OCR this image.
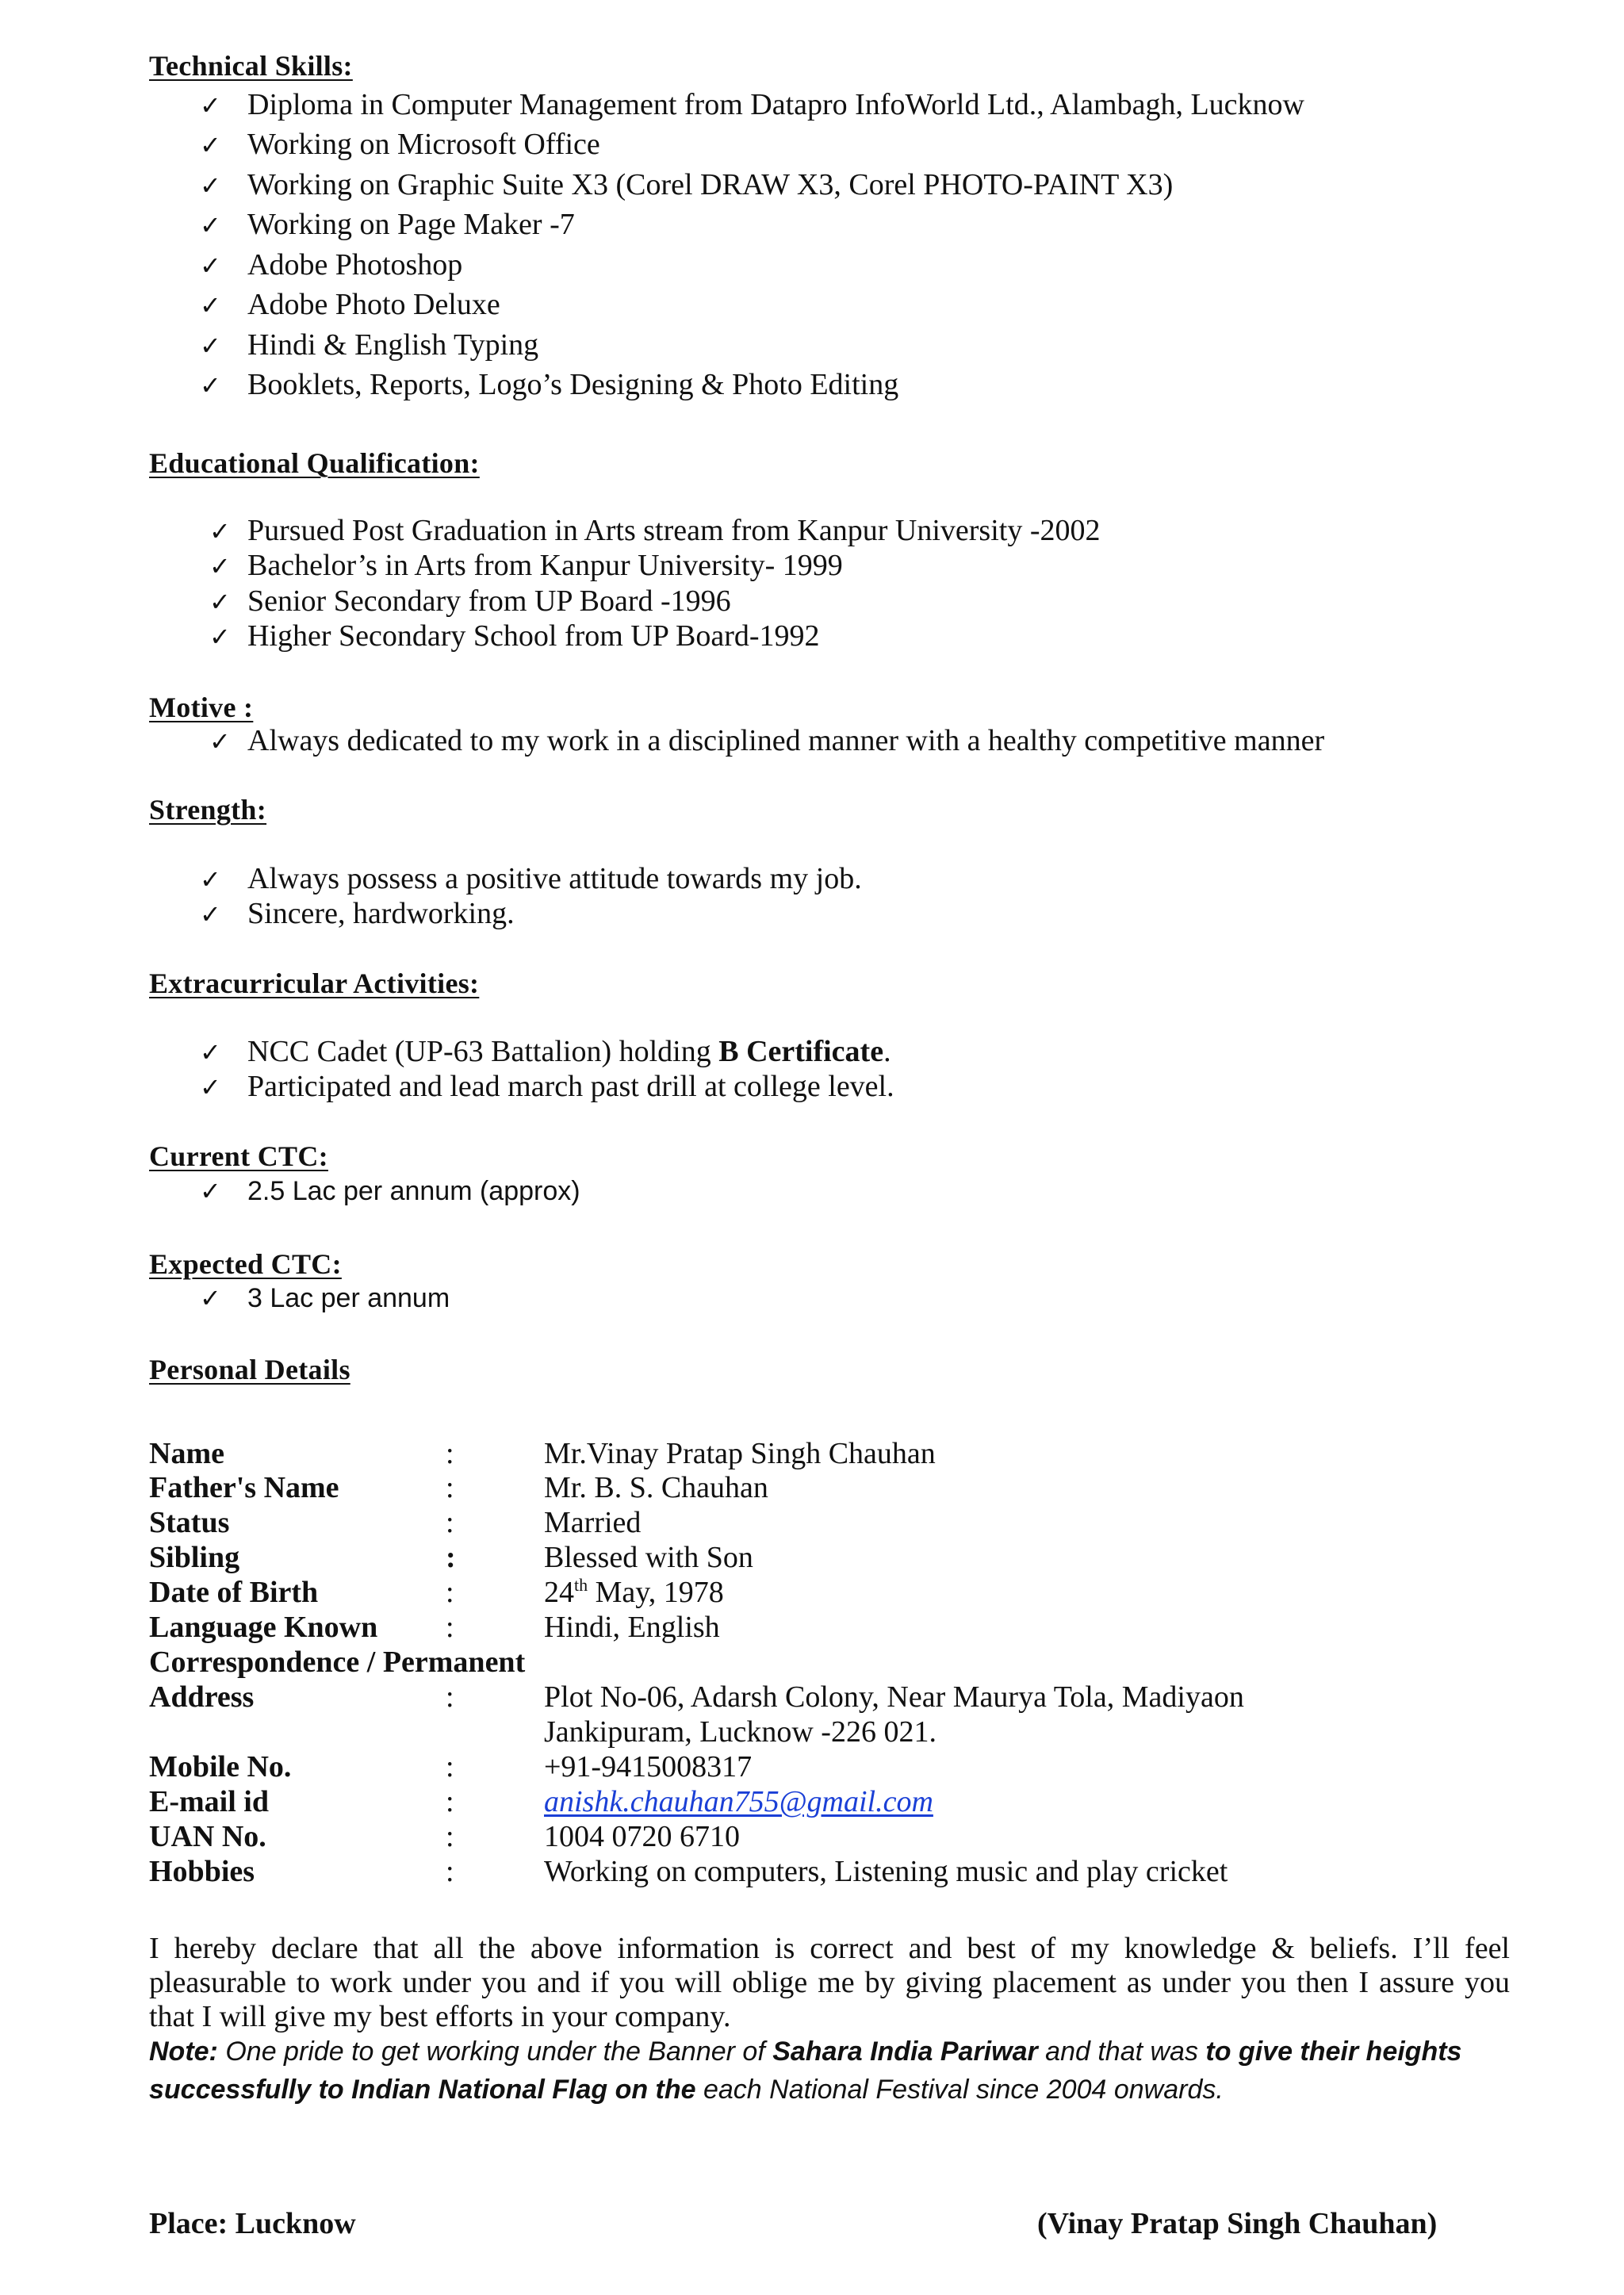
Technical Skills:
✓ Diploma in Computer Management from Datapro InfoWorld Ltd., Alambagh, Lucknow
✓ Working on Microsoft Office
✓ Working on Graphic Suite X3 (Corel DRAW X3, Corel PHOTO-PAINT X3)
✓ Working on Page Maker -7
✓ Adobe Photoshop
✓ Adobe Photo Deluxe
✓ Hindi & English Typing
✓ Booklets, Reports, Logo’s Designing & Photo Editing
Educational Qualification:
✓ Pursued Post Graduation in Arts stream from Kanpur University -2002
✓ Bachelor’s in Arts from Kanpur University- 1999
✓ Senior Secondary from UP Board -1996
✓ Higher Secondary School from UP Board-1992
Motive :
✓ Always dedicated to my work in a disciplined manner with a healthy competitive manner
Strength:
✓ Always possess a positive attitude towards my job.
✓ Sincere, hardworking.
Extracurricular Activities:
✓ NCC Cadet (UP-63 Battalion) holding B Certificate.
✓ Participated and lead march past drill at college level.
Current CTC:
✓ 2.5 Lac per annum (approx)
Expected CTC:
✓ 3 Lac per annum
Personal Details
Name	:	Mr.Vinay Pratap Singh Chauhan
Father's Name	:	Mr. B. S. Chauhan
Status	:	Married
Sibling	:	Blessed with Son
Date of Birth	:	24th May, 1978
Language Known :	Hindi, English
Correspondence / Permanent
Address	:	Plot No-06, Adarsh Colony, Near Maurya Tola, Madiyaon
Jankipuram, Lucknow -226 021.
Mobile No.	:	+91-9415008317
E-mail id	:	anishk.chauhan755@gmail.com
UAN No.	:	1004 0720 6710
Hobbies	:	Working on computers, Listening music and play cricket
I hereby declare that all the above information is correct and best of my knowledge & beliefs. I’ll feel
pleasurable to work under you and if you will oblige me by giving placement as under you then I assure you
that I will give my best efforts in your company.
Note: One pride to get working under the Banner of Sahara India Pariwar and that was to give their heights successfully to Indian National Flag on the each National Festival since 2004 onwards.
Place: Lucknow	(Vinay Pratap Singh Chauhan)
